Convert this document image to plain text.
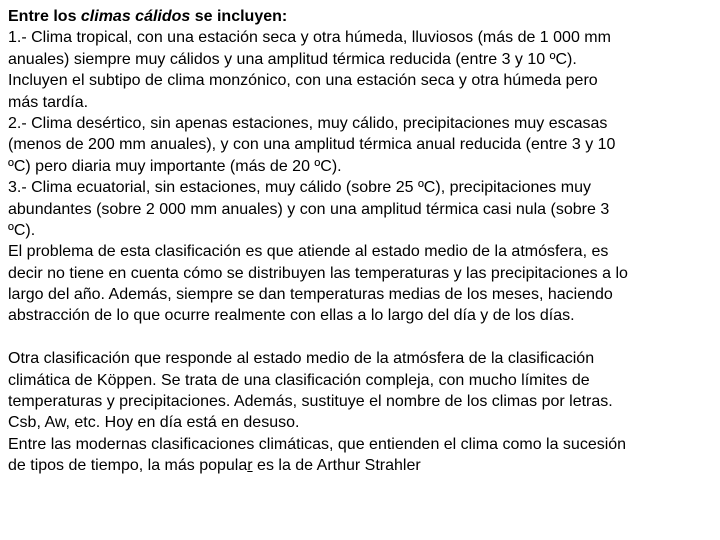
Entre los climas cálidos se incluyen:
1.- Clima tropical, con una estación seca y otra húmeda, lluviosos (más de 1 000 mm
anuales) siempre muy cálidos y una amplitud térmica reducida (entre 3 y 10 ºC).
Incluyen el subtipo de clima monzónico, con una estación seca y otra húmeda pero
más tardía.
2.- Clima desértico, sin apenas estaciones, muy cálido, precipitaciones muy escasas
(menos de 200 mm anuales), y con una amplitud térmica anual reducida (entre 3 y 10
ºC) pero diaria muy importante (más de 20 ºC).
3.- Clima ecuatorial, sin estaciones, muy cálido (sobre 25 ºC), precipitaciones muy
abundantes (sobre 2 000 mm anuales) y con una amplitud térmica casi nula (sobre 3
ºC).
El problema de esta clasificación es que atiende al estado medio de la atmósfera, es
decir no tiene en cuenta cómo se distribuyen las temperaturas y las precipitaciones a lo
largo del año. Además, siempre se dan temperaturas medias de los meses, haciendo
abstracción de lo que ocurre realmente con ellas a lo largo del día y de los días.
Otra clasificación que responde al estado medio de la atmósfera de la clasificación
climática de Köppen. Se trata de una clasificación compleja, con mucho límites de
temperaturas y precipitaciones. Además, sustituye el nombre de los climas por letras.
Csb, Aw, etc. Hoy en día está en desuso.
Entre las modernas clasificaciones climáticas, que entienden el clima como la sucesión
de tipos de tiempo, la más popular es la de Arthur Strahler
